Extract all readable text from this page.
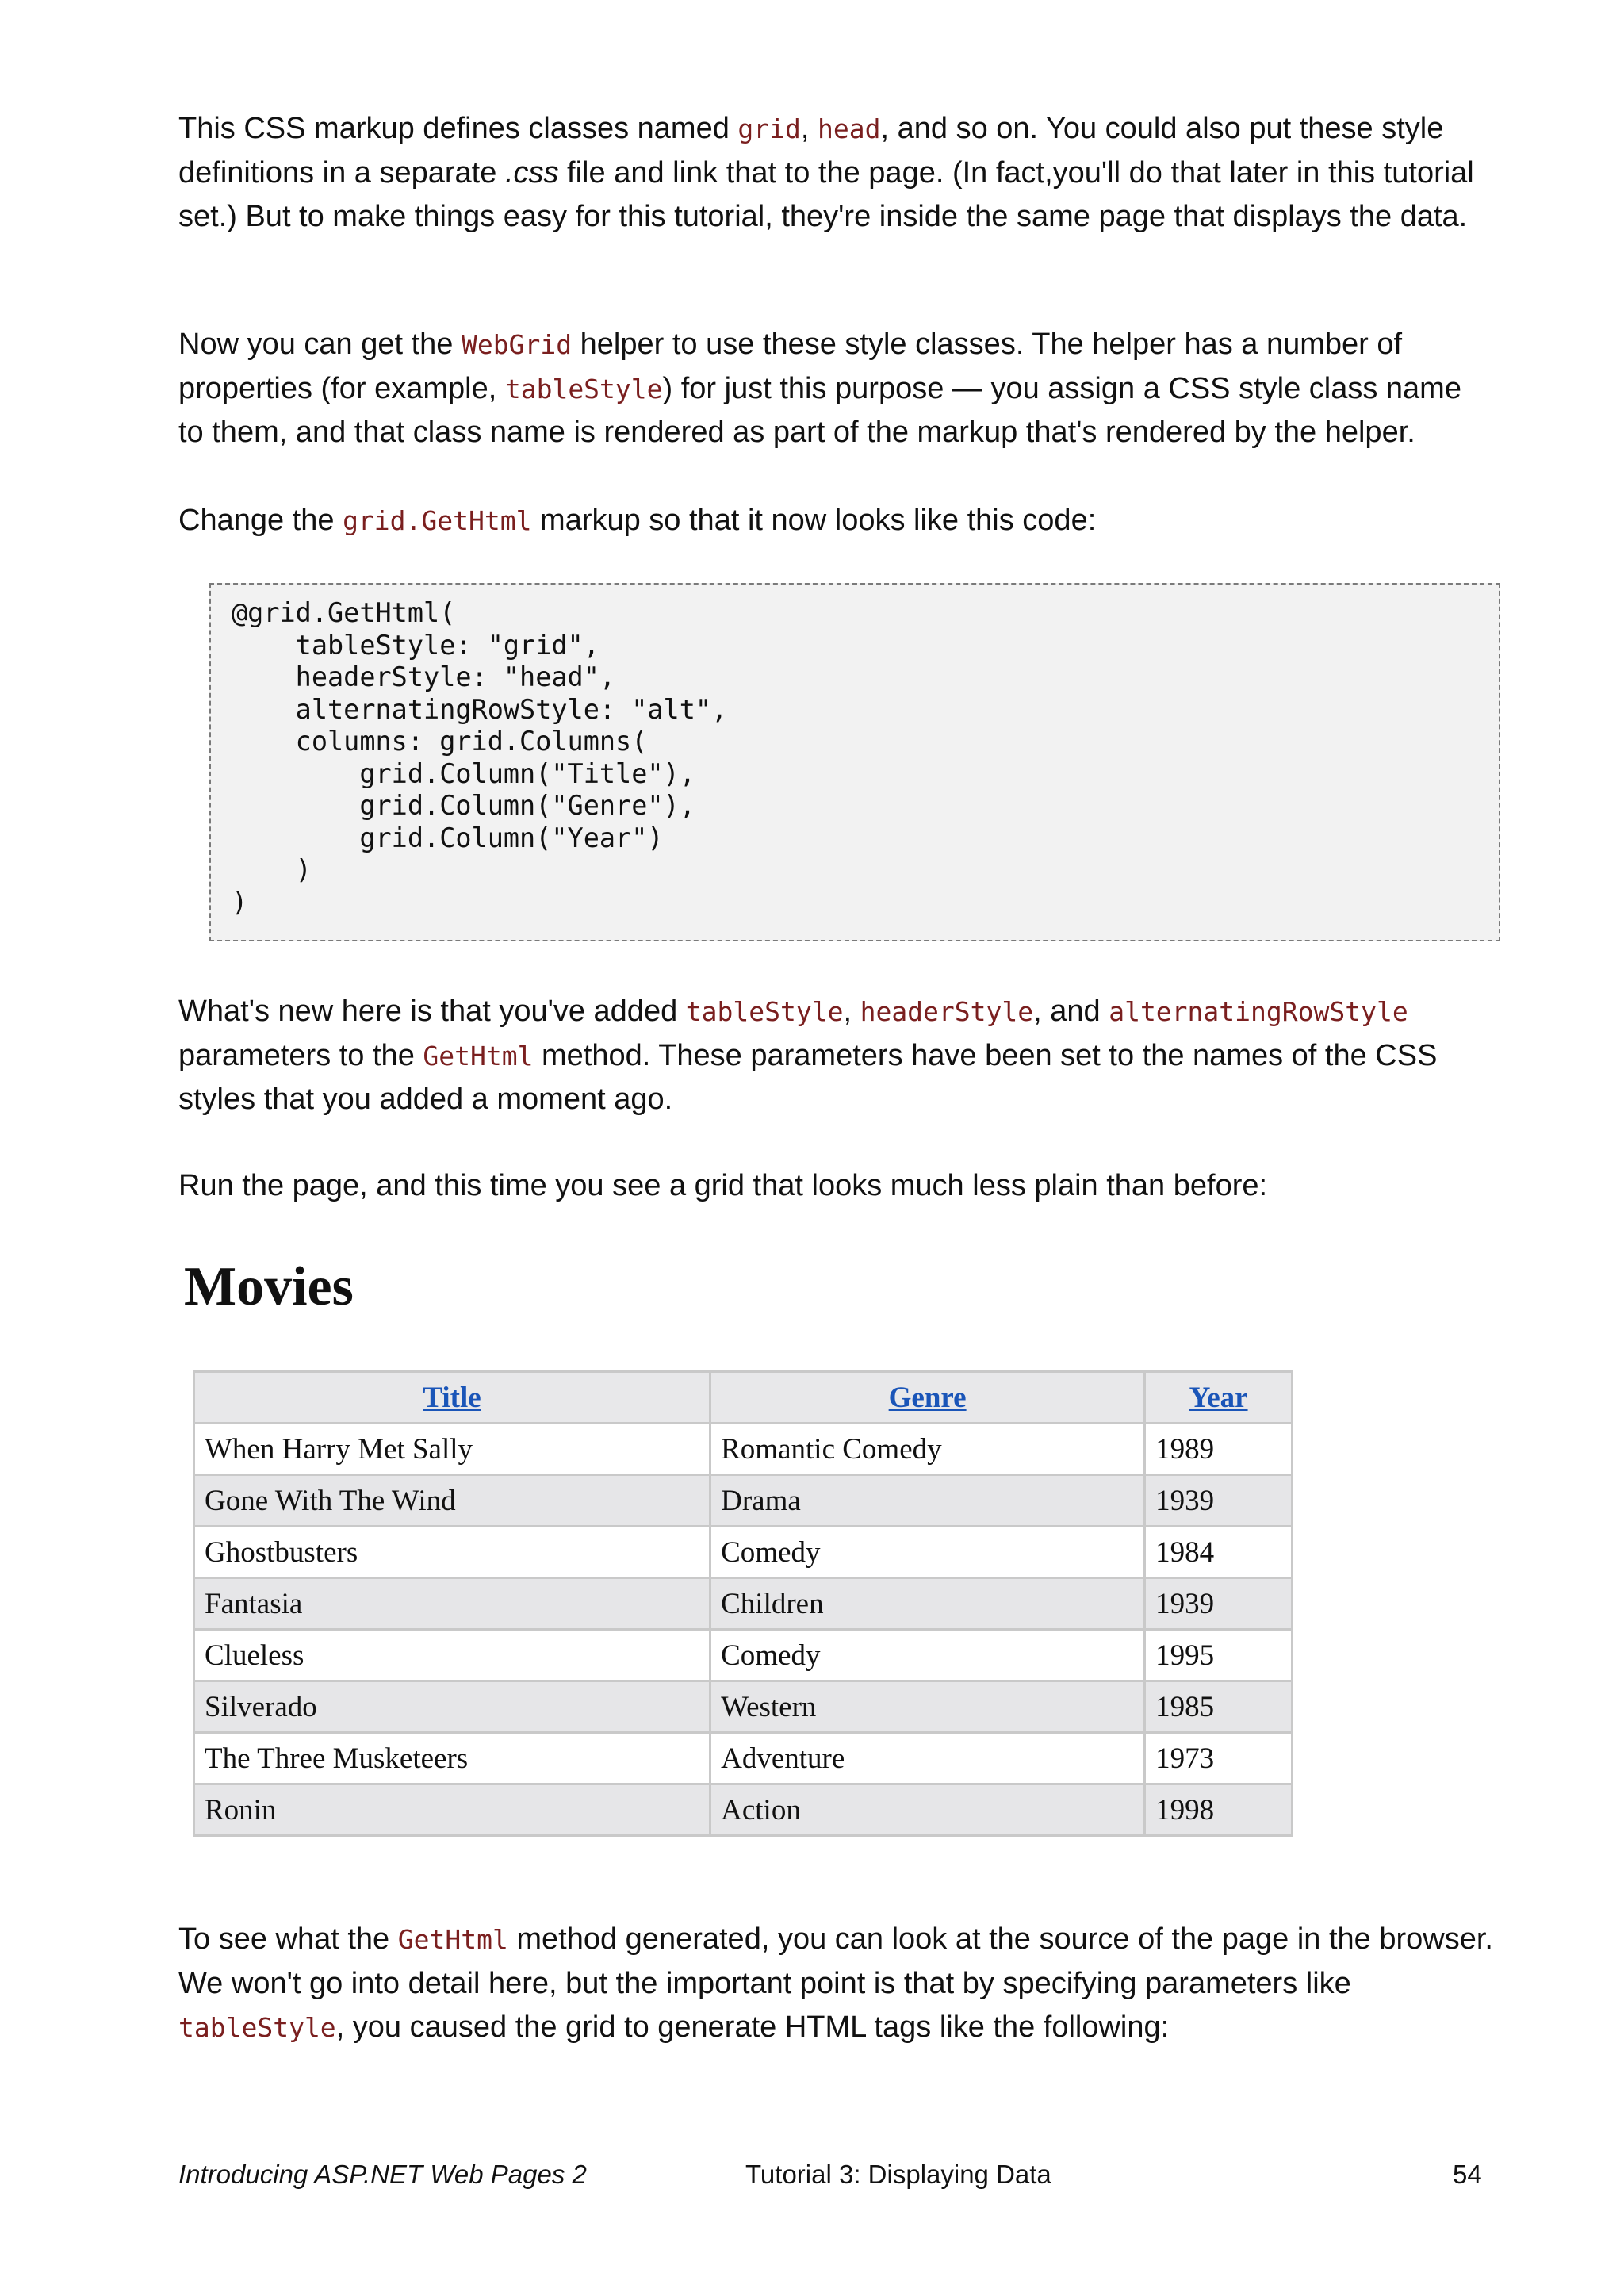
This CSS markup defines classes named grid, head, and so on. You could also put these style definitions in a separate .css file and link that to the page. (In fact,you'll do that later in this tutorial set.) But to make things easy for this tutorial, they're inside the same page that displays the data.

Now you can get the WebGrid helper to use these style classes. The helper has a number of properties (for example, tableStyle) for just this purpose — you assign a CSS style class name to them, and that class name is rendered as part of the markup that's rendered by the helper.

Change the grid.GetHtml markup so that it now looks like this code:

@grid.GetHtml(
tableStyle: "grid",
headerStyle: "head",
alternatingRowStyle: "alt",
columns: grid.Columns(
grid.Column("Title"),
grid.Column("Genre"),
grid.Column("Year")
)
)

What's new here is that you've added tableStyle, headerStyle, and alternatingRowStyle parameters to the GetHtml method. These parameters have been set to the names of the CSS styles that you added a moment ago.

Run the page, and this time you see a grid that looks much less plain than before:

Movies
Title	Genre	Year
When Harry Met Sally	Romantic Comedy	1989
Gone With The Wind	Drama	1939
Ghostbusters	Comedy	1984
Fantasia	Children	1939
Clueless	Comedy	1995
Silverado	Western	1985
The Three Musketeers	Adventure	1973
Ronin	Action	1998

To see what the GetHtml method generated, you can look at the source of the page in the browser. We won't go into detail here, but the important point is that by specifying parameters like tableStyle, you caused the grid to generate HTML tags like the following:

Introducing ASP.NET Web Pages 2	Tutorial 3: Displaying Data	54
